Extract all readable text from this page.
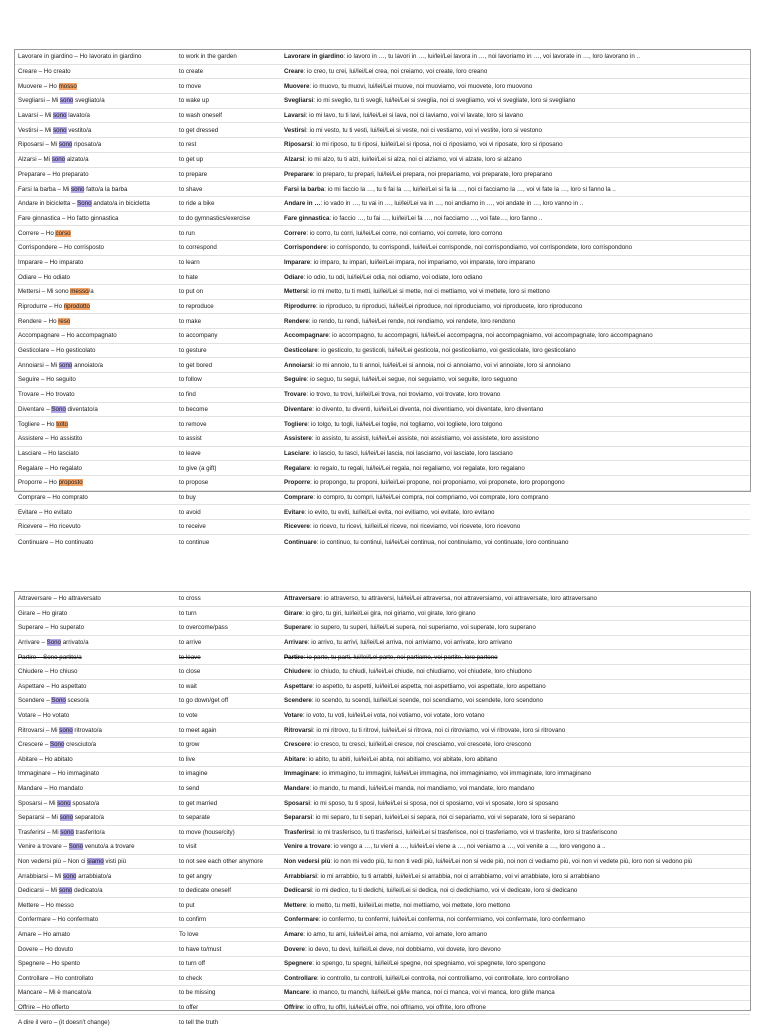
Lavorare in giardino – Ho lavorato in giardino	to work in the garden	Lavorare in giardino: io lavoro in …, tu lavori in …, lui/lei/Lei lavora in …, noi lavoriamo in …, voi lavorate in …, loro lavorano in ..
Creare – Ho creato	to create	Creare: io creo, tu crei, lui/lei/Lei crea, noi creiamo, voi create, loro creano
Muovere – Ho mosso	to move	Muovere: io muovo, tu muovi, lui/lei/Lei muove, noi muoviamo, voi muovete, loro muovono
Svegliarsi – Mi sono svegliato/a	to wake up	Svegliarsi: io mi sveglio, tu ti svegli, lui/lei/Lei si sveglia, noi ci svegliamo, voi vi svegliate, loro si svegliano
Lavarsi – Mi sono lavato/a	to wash oneself	Lavarsi: io mi lavo, tu ti lavi, lui/lei/Lei si lava, noi ci laviamo, voi vi lavate, loro si lavano
Vestirsi – Mi sono vestito/a	to get dressed	Vestirsi: io mi vesto, tu ti vesti, lui/lei/Lei si veste, noi ci vestiamo, voi vi vestite, loro si vestono
Riposarsi – Mi sono riposato/a	to rest	Riposarsi: io mi riposo, tu ti riposi, lui/lei/Lei si riposa, noi ci riposiamo, voi vi riposate, loro si riposano
Alzarsi – Mi sono alzato/a	to get up	Alzarsi: io mi alzo, tu ti alzi, lui/lei/Lei si alza, noi ci alziamo, voi vi alzate, loro si alzano
Preparare – Ho preparato	to prepare	Preparare: io preparo, tu prepari, lui/lei/Lei prepara, noi prepariamo, voi preparate, loro preparano
Farsi la barba – Mi sono fatto/a la barba	to shave	Farsi la barba: io mi faccio la …, tu ti fai la …, lui/lei/Lei si fa la …, noi ci facciamo la …, voi vi fate la …, loro si fanno la ..
Andare in bicicletta – Sono andato/a in bicicletta	to ride a bike	Andare in …: io vado in …, tu vai in …, lui/lei/Lei va in …, noi andiamo in …, voi andate in …, loro vanno in ..
Fare ginnastica – Ho fatto ginnastica	to do gymnastics/exercise	Fare ginnastica: io faccio …, tu fai …, lui/lei/Lei fa …, noi facciamo …, voi fate…, loro fanno ..
Correre – Ho corso	to run	Correre: io corro, tu corri, lui/lei/Lei corre, noi corriamo, voi correte, loro corrono
Corrispondere – Ho corrisposto	to correspond	Corrispondere: io corrispondo, tu corrispondi, lui/lei/Lei corrisponde, noi corrispondiamo, voi corrispondete, loro corrispondono
Imparare – Ho imparato	to learn	Imparare: io imparo, tu impari, lui/lei/Lei impara, noi impariamo, voi imparate, loro imparano
Odiare – Ho odiato	to hate	Odiare: io odio, tu odi, lui/lei/Lei odia, noi odiamo, voi odiate, loro odiano
Mettersi – Mi sono messo/a	to put on	Mettersi: io mi metto, tu ti metti, lui/lei/Lei si mette, noi ci mettiamo, voi vi mettete, loro si mettono
Riprodurre – Ho riprodotto	to reproduce	Riprodurre: io riproduco, tu riproduci, lui/lei/Lei riproduce, noi riproduciamo, voi riproducete, loro riproducono
Rendere – Ho reso	to make	Rendere: io rendo, tu rendi, lui/lei/Lei rende, noi rendiamo, voi rendete, loro rendono
Accompagnare – Ho accompagnato	to accompany	Accompagnare: io accompagno, tu accompagni, lui/lei/Lei accompagna, noi accompagniamo, voi accompagnate, loro accompagnano
Gesticolare – Ho gesticolato	to gesture	Gesticolare: io gesticolo, tu gesticoli, lui/lei/Lei gesticola, noi gesticoliamo, voi gesticolate, loro gesticolano
Annoiarsi – Mi sono annoiato/a	to get bored	Annoiarsi: io mi annoio, tu ti annoi, lui/lei/Lei si annoia, noi ci annoiamo, voi vi annoiate, loro si annoiano
Seguire – Ho seguito	to follow	Seguire: io seguo, tu segui, lui/lei/Lei segue, noi seguiamo, voi seguite, loro seguono
Trovare – Ho trovato	to find	Trovare: io trovo, tu trovi, lui/lei/Lei trova, noi troviamo, voi trovate, loro trovano
Diventare – Sono diventato/a	to become	Diventare: io divento, tu diventi, lui/lei/Lei diventa, noi diventiamo, voi diventate, loro diventano
Togliere – Ho tolto	to remove	Togliere: io tolgo, tu togli, lui/lei/Lei toglie, noi togliamo, voi togliete, loro tolgono
Assistere – Ho assistito	to assist	Assistere: io assisto, tu assisti, lui/lei/Lei assiste, noi assistiamo, voi assistete, loro assistono
Lasciare – Ho lasciato	to leave	Lasciare: io lascio, tu lasci, lui/lei/Lei lascia, noi lasciamo, voi lasciate, loro lasciano
Regalare – Ho regalato	to give (a gift)	Regalare: io regalo, tu regali, lui/lei/Lei regala, noi regaliamo, voi regalate, loro regalano
Proporre – Ho proposto	to propose	Proporre: io propongo, tu proponi, lui/lei/Lei propone, noi proponiamo, voi proponete, loro propongono
Comprare – Ho comprato	to buy	Comprare: io compro, tu compri, lui/lei/Lei compra, noi compriamo, voi comprate, loro comprano
Evitare – Ho evitato	to avoid	Evitare: io evito, tu eviti, lui/lei/Lei evita, noi evitiamo, voi evitate, loro evitano
Ricevere – Ho ricevuto	to receive	Ricevere: io ricevo, tu ricevi, lui/lei/Lei riceve, noi riceviamo, voi ricevete, loro ricevono
Continuare – Ho continuato	to continue	Continuare: io continuo, tu continui, lui/lei/Lei continua, noi continuiamo, voi continuate, loro continuano
Attraversare – Ho attraversato	to cross	Attraversare: io attraverso, tu attraversi, lui/lei/Lei attraversa, noi attraversiamo, voi attraversate, loro attraversano
Girare – Ho girato	to turn	Girare: io giro, tu giri, lui/lei/Lei gira, noi giriamo, voi girate, loro girano
Superare – Ho superato	to overcome/pass	Superare: io supero, tu superi, lui/lei/Lei supera, noi superiamo, voi superate, loro superano
Arrivare – Sono arrivato/a	to arrive	Arrivare: io arrivo, tu arrivi, lui/lei/Lei arriva, noi arriviamo, voi arrivate, loro arrivano
Partire – Sono partito/a	to leave	Partire: io parto, tu parti, lui/lei/Lei parte, noi partiamo, voi partite, loro partono
Chiudere – Ho chiuso	to close	Chiudere: io chiudo, tu chiudi, lui/lei/Lei chiude, noi chiudiamo, voi chiudete, loro chiudono
Aspettare – Ho aspettato	to wait	Aspettare: io aspetto, tu aspetti, lui/lei/Lei aspetta, noi aspettiamo, voi aspettate, loro aspettano
Scendere – Sono sceso/a	to go down/get off	Scendere: io scendo, tu scendi, lui/lei/Lei scende, noi scendiamo, voi scendete, loro scendono
Votare – Ho votato	to vote	Votare: io voto, tu voti, lui/lei/Lei vota, noi votiamo, voi votate, loro votano
Ritrovarsi – Mi sono ritrovato/a	to meet again	Ritrovarsi: io mi ritrovo, tu ti ritrovi, lui/lei/Lei si ritrova, noi ci ritroviamo, voi vi ritrovate, loro si ritrovano
Crescere – Sono cresciuto/a	to grow	Crescere: io cresco, tu cresci, lui/lei/Lei cresce, noi cresciamo, voi crescete, loro crescono
Abitare – Ho abitato	to live	Abitare: io abito, tu abiti, lui/lei/Lei abita, noi abitiamo, voi abitate, loro abitano
Immaginare – Ho immaginato	to imagine	Immaginare: io immagino, tu immagini, lui/lei/Lei immagina, noi immaginiamo, voi immaginate, loro immaginano
Mandare – Ho mandato	to send	Mandare: io mando, tu mandi, lui/lei/Lei manda, noi mandiamo, voi mandate, loro mandano
Sposarsi – Mi sono sposato/a	to get married	Sposarsi: io mi sposo, tu ti sposi, lui/lei/Lei si sposa, noi ci sposiamo, voi vi sposate, loro si sposano
Separarsi – Mi sono separato/a	to separate	Separarsi: io mi separo, tu ti separi, lui/lei/Lei si separa, noi ci separiamo, voi vi separate, loro si separano
Trasferirsi – Mi sono trasferito/a	to move (house/city)	Trasferirsi: io mi trasferisco, tu ti trasferisci, lui/lei/Lei si trasferisce, noi ci trasferiamo, voi vi trasferite, loro si trasferiscono
Venire a trovare – Sono venuto/a a trovare	to visit	Venire a trovare: io vengo a …, tu vieni a …, lui/lei/Lei viene a …, noi veniamo a …, voi venite a …, loro vengono a ..
Non vedersi più – Non ci siamo visti più	to not see each other anymore	Non vedersi più: io non mi vedo più, tu non ti vedi più, lui/lei/Lei non si vede più, noi non ci vediamo più, voi non vi vedete più, loro non si vedono più
Arrabbiarsi – Mi sono arrabbiato/a	to get angry	Arrabbiarsi: io mi arrabbio, tu ti arrabbi, lui/lei/Lei si arrabbia, noi ci arrabbiamo, voi vi arrabbiate, loro si arrabbiano
Dedicarsi – Mi sono dedicato/a	to dedicate oneself	Dedicarsi: io mi dedico, tu ti dedichi, lui/lei/Lei si dedica, noi ci dedichiamo, voi vi dedicate, loro si dedicano
Mettere – Ho messo	to put	Mettere: io metto, tu metti, lui/lei/Lei mette, noi mettiamo, voi mettete, loro mettono
Confermare – Ho confermato	to confirm	Confermare: io confermo, tu confermi, lui/lei/Lei conferma, noi confermiamo, voi confermate, loro confermano
Amare – Ho amato	To love	Amare: io amo, tu ami, lui/lei/Lei ama, noi amiamo, voi amate, loro amano
Dovere – Ho dovuto	to have to/must	Dovere: io devo, tu devi, lui/lei/Lei deve, noi dobbiamo, voi dovete, loro devono
Spegnere – Ho spento	to turn off	Spegnere: io spengo, tu spegni, lui/lei/Lei spegne, noi spegniamo, voi spegnete, loro spengono
Controllare – Ho controllato	to check	Controllare: io controllo, tu controlli, lui/lei/Lei controlla, noi controlliamo, voi controllate, loro controllano
Mancare – Mi è mancato/a	to be missing	Mancare: io manco, tu manchi, lui/lei/Lei gli/le manca, noi ci manca, voi vi manca, loro gli/le manca
Offrire – Ho offerto	to offer	Offrire: io offro, tu offri, lui/lei/Lei offre, noi offriamo, voi offrite, loro offrone
A dire il vero – (it doesn't change)	to tell the truth
